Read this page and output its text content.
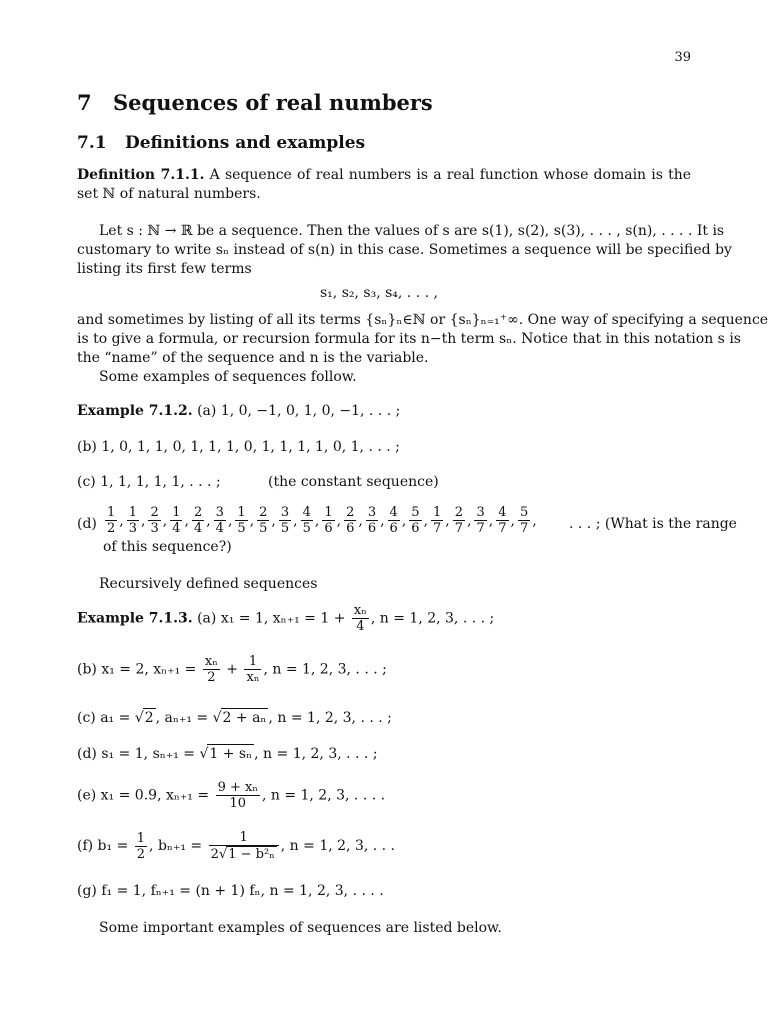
39
7 Sequences of real numbers
7.1 Definitions and examples
Definition 7.1.1. A sequence of real numbers is a real function whose domain is the set ℕ of natural numbers.
Let s : ℕ → ℝ be a sequence. Then the values of s are s(1), s(2), s(3), . . . , s(n), . . . . It is
customary to write sₙ instead of s(n) in this case. Sometimes a sequence will be specified by
listing its first few terms
s₁, s₂, s₃, s₄, . . . ,
and sometimes by listing of all its terms {sₙ}ₙ∈ℕ or {sₙ}ₙ₌₁⁺∞. One way of specifying a sequence
is to give a formula, or recursion formula for its n−th term sₙ. Notice that in this notation s is
the “name” of the sequence and n is the variable.
Some examples of sequences follow.
Example 7.1.2. (a) 1, 0, −1, 0, 1, 0, −1, . . . ;
(b) 1, 0, 1, 1, 0, 1, 1, 1, 0, 1, 1, 1, 1, 0, 1, . . . ;
(c) 1, 1, 1, 1, 1, . . . ;	(the constant sequence)
$(d) \frac{1}{2}$ , $\frac{1}{3}$ , $\frac{2}{3}$ , $\frac{1}{4}$ , $\frac{2}{4}$ , $\frac{3}{4}$ , $\frac{1}{5}$ , $\frac{2}{5}$ , $\frac{3}{5}$ , $\frac{4}{5}$ , $\frac{1}{6}$ , $\frac{2}{6}$ , $\frac{3}{6}$ , $\frac{4}{6}$ , $\frac{5}{6}$ , $\frac{1}{7}$ , $\frac{2}{7}$ , $\frac{3}{7}$ , $\frac{4}{7}$ , $\frac{5}{7}$ , . . . ; (What is the range
of this sequence?)
Recursively defined sequences
Example 7.1.3. (a) x₁ = 1, $x_{n+1} = 1 + \frac{\text{xₙ}}{4}$ , n = 1, 2, 3, . . . ;
(b) x₁ = 2, $x_{n+1} = \frac{\text{xₙ}}{2} + \frac{1}{\text{xₙ}}$ , n = 1, 2, 3, . . . ;
(c) a₁ = √2 , aₙ₊₁ = √2 + aₙ , n = 1, 2, 3, . . . ;
(d) s₁ = 1, sₙ₊₁ = √1 + sₙ , n = 1, 2, 3, . . . ;
(e) x₁ = 0.9, $x_{n+1} = \frac{\text{9 + xₙ}}{10}$ , n = 1, 2, 3, . . . .
(f) $b_1 = \frac{1}{2}$ , $b_{n+1} = \frac{1}{\text{2√1 − b²ₙ}}$ , n = 1, 2, 3, . . .
(g) f₁ = 1, fₙ₊₁ = (n + 1) fₙ, n = 1, 2, 3, . . . .
Some important examples of sequences are listed below.
